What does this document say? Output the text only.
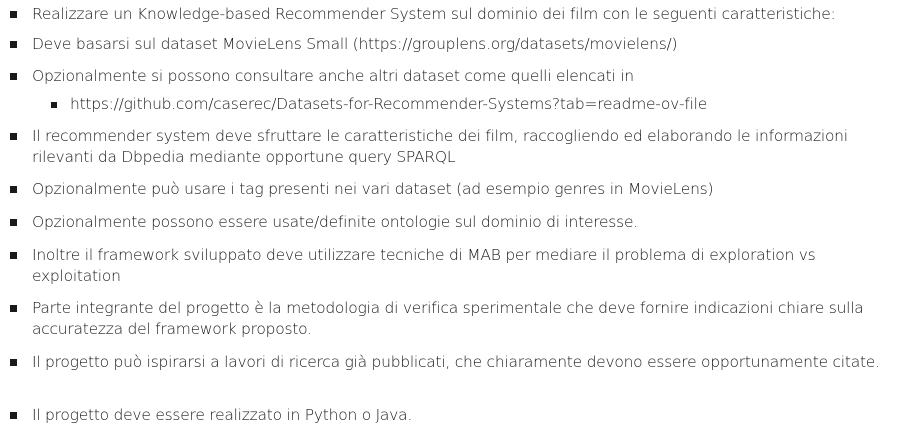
Realizzare un Knowledge-based Recommender System sul dominio dei film con le seguenti caratteristiche:
Deve basarsi sul dataset MovieLens Small (https://grouplens.org/datasets/movielens/)
Opzionalmente si possono consultare anche altri dataset come quelli elencati in
https://github.com/caserec/Datasets-for-Recommender-Systems?tab=readme-ov-file
Il recommender system deve sfruttare le caratteristiche dei film, raccogliendo ed elaborando le informazioni rilevanti da Dbpedia mediante opportune query SPARQL
Opzionalmente può usare i tag presenti nei vari dataset (ad esempio genres in MovieLens)
Opzionalmente possono essere usate/definite ontologie sul dominio di interesse.
Inoltre il framework sviluppato deve utilizzare tecniche di MAB per mediare il problema di exploration vs exploitation
Parte integrante del progetto è la metodologia di verifica sperimentale che deve fornire indicazioni chiare sulla accuratezza del framework proposto.
Il progetto può ispirarsi a lavori di ricerca già pubblicati, che chiaramente devono essere opportunamente citate.
Il progetto deve essere realizzato in Python o Java.
